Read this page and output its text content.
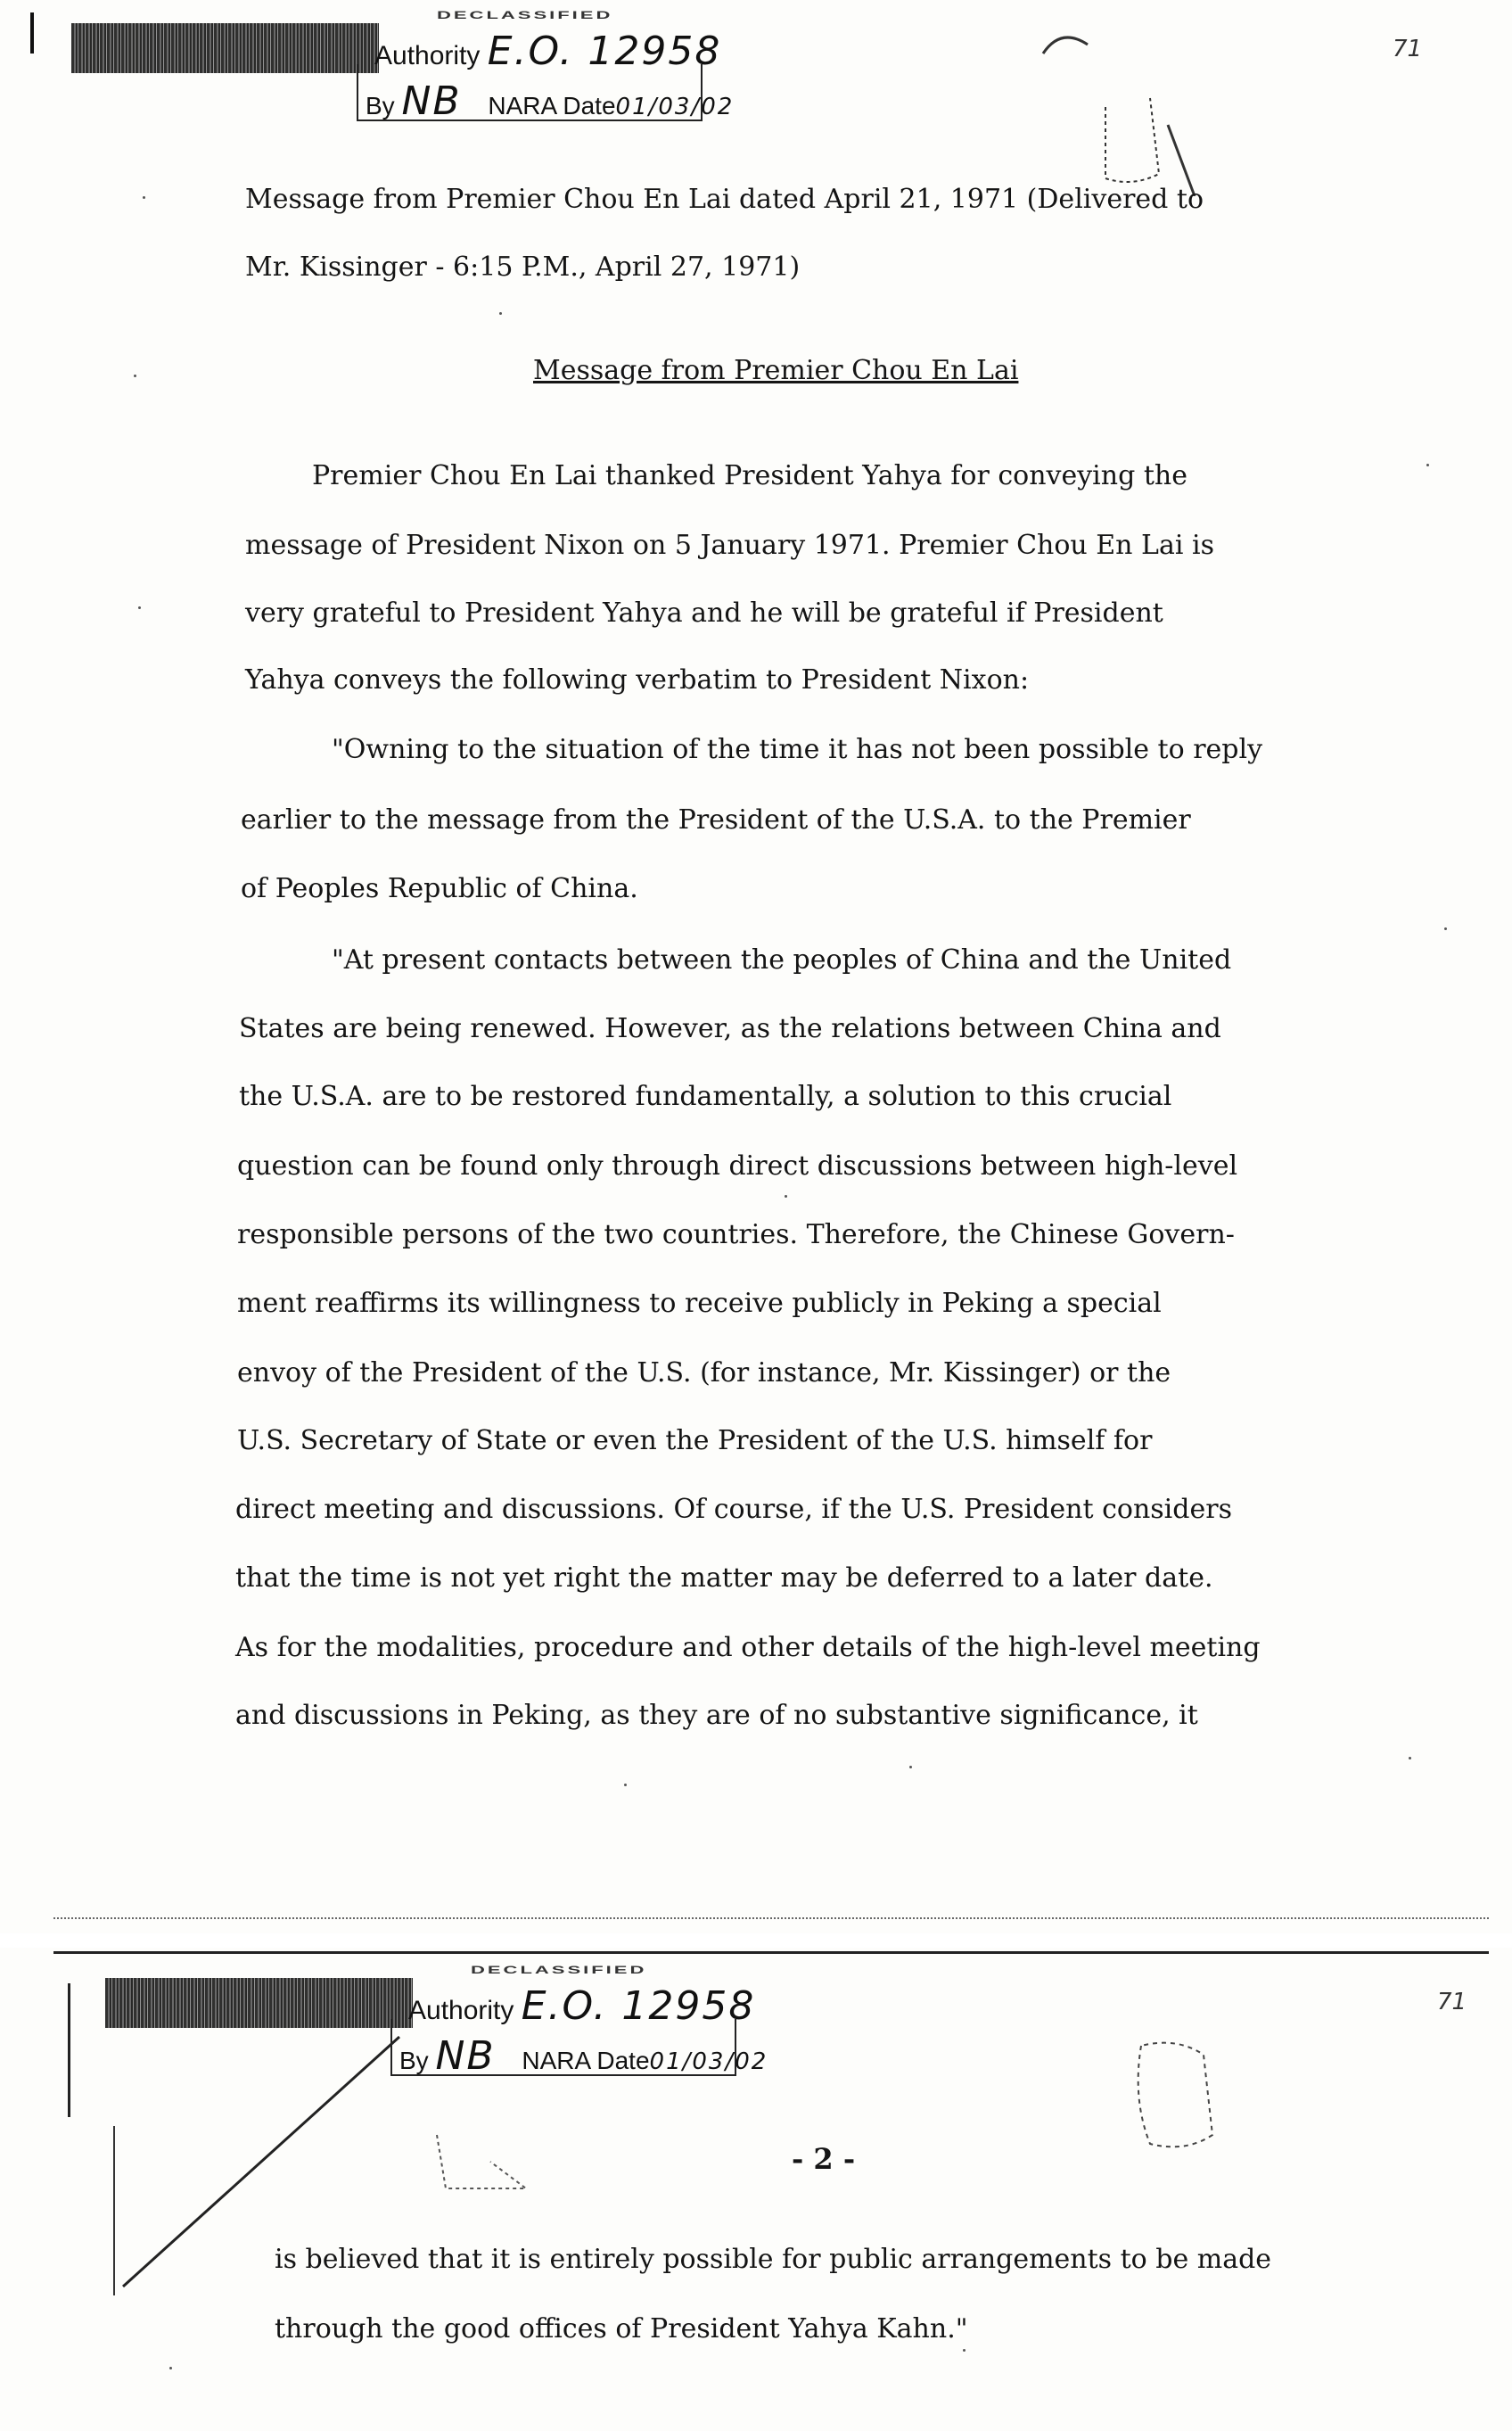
DECLASSIFIED
Authority E.O. 12958
By NB NARA Date01/03/02
71
Message from Premier Chou En Lai dated April 21, 1971 (Delivered to
Mr. Kissinger - 6:15 P.M., April 27, 1971)
Message from Premier Chou En Lai
Premier Chou En Lai thanked President Yahya for conveying the
message of President Nixon on 5 January 1971. Premier Chou En Lai is
very grateful to President Yahya and he will be grateful if President
Yahya conveys the following verbatim to President Nixon:
"Owning to the situation of the time it has not been possible to reply
earlier to the message from the President of the U.S.A. to the Premier
of Peoples Republic of China.
"At present contacts between the peoples of China and the United
States are being renewed. However, as the relations between China and
the U.S.A. are to be restored fundamentally, a solution to this crucial
question can be found only through direct discussions between high-level
responsible persons of the two countries. Therefore, the Chinese Govern-
ment reaffirms its willingness to receive publicly in Peking a special
envoy of the President of the U.S. (for instance, Mr. Kissinger) or the
U.S. Secretary of State or even the President of the U.S. himself for
direct meeting and discussions. Of course, if the U.S. President considers
that the time is not yet right the matter may be deferred to a later date.
As for the modalities, procedure and other details of the high-level meeting
and discussions in Peking, as they are of no substantive significance, it
DECLASSIFIED
Authority E.O. 12958
By NB NARA Date01/03/02
71
- 2 -
is believed that it is entirely possible for public arrangements to be made
through the good offices of President Yahya Kahn."
